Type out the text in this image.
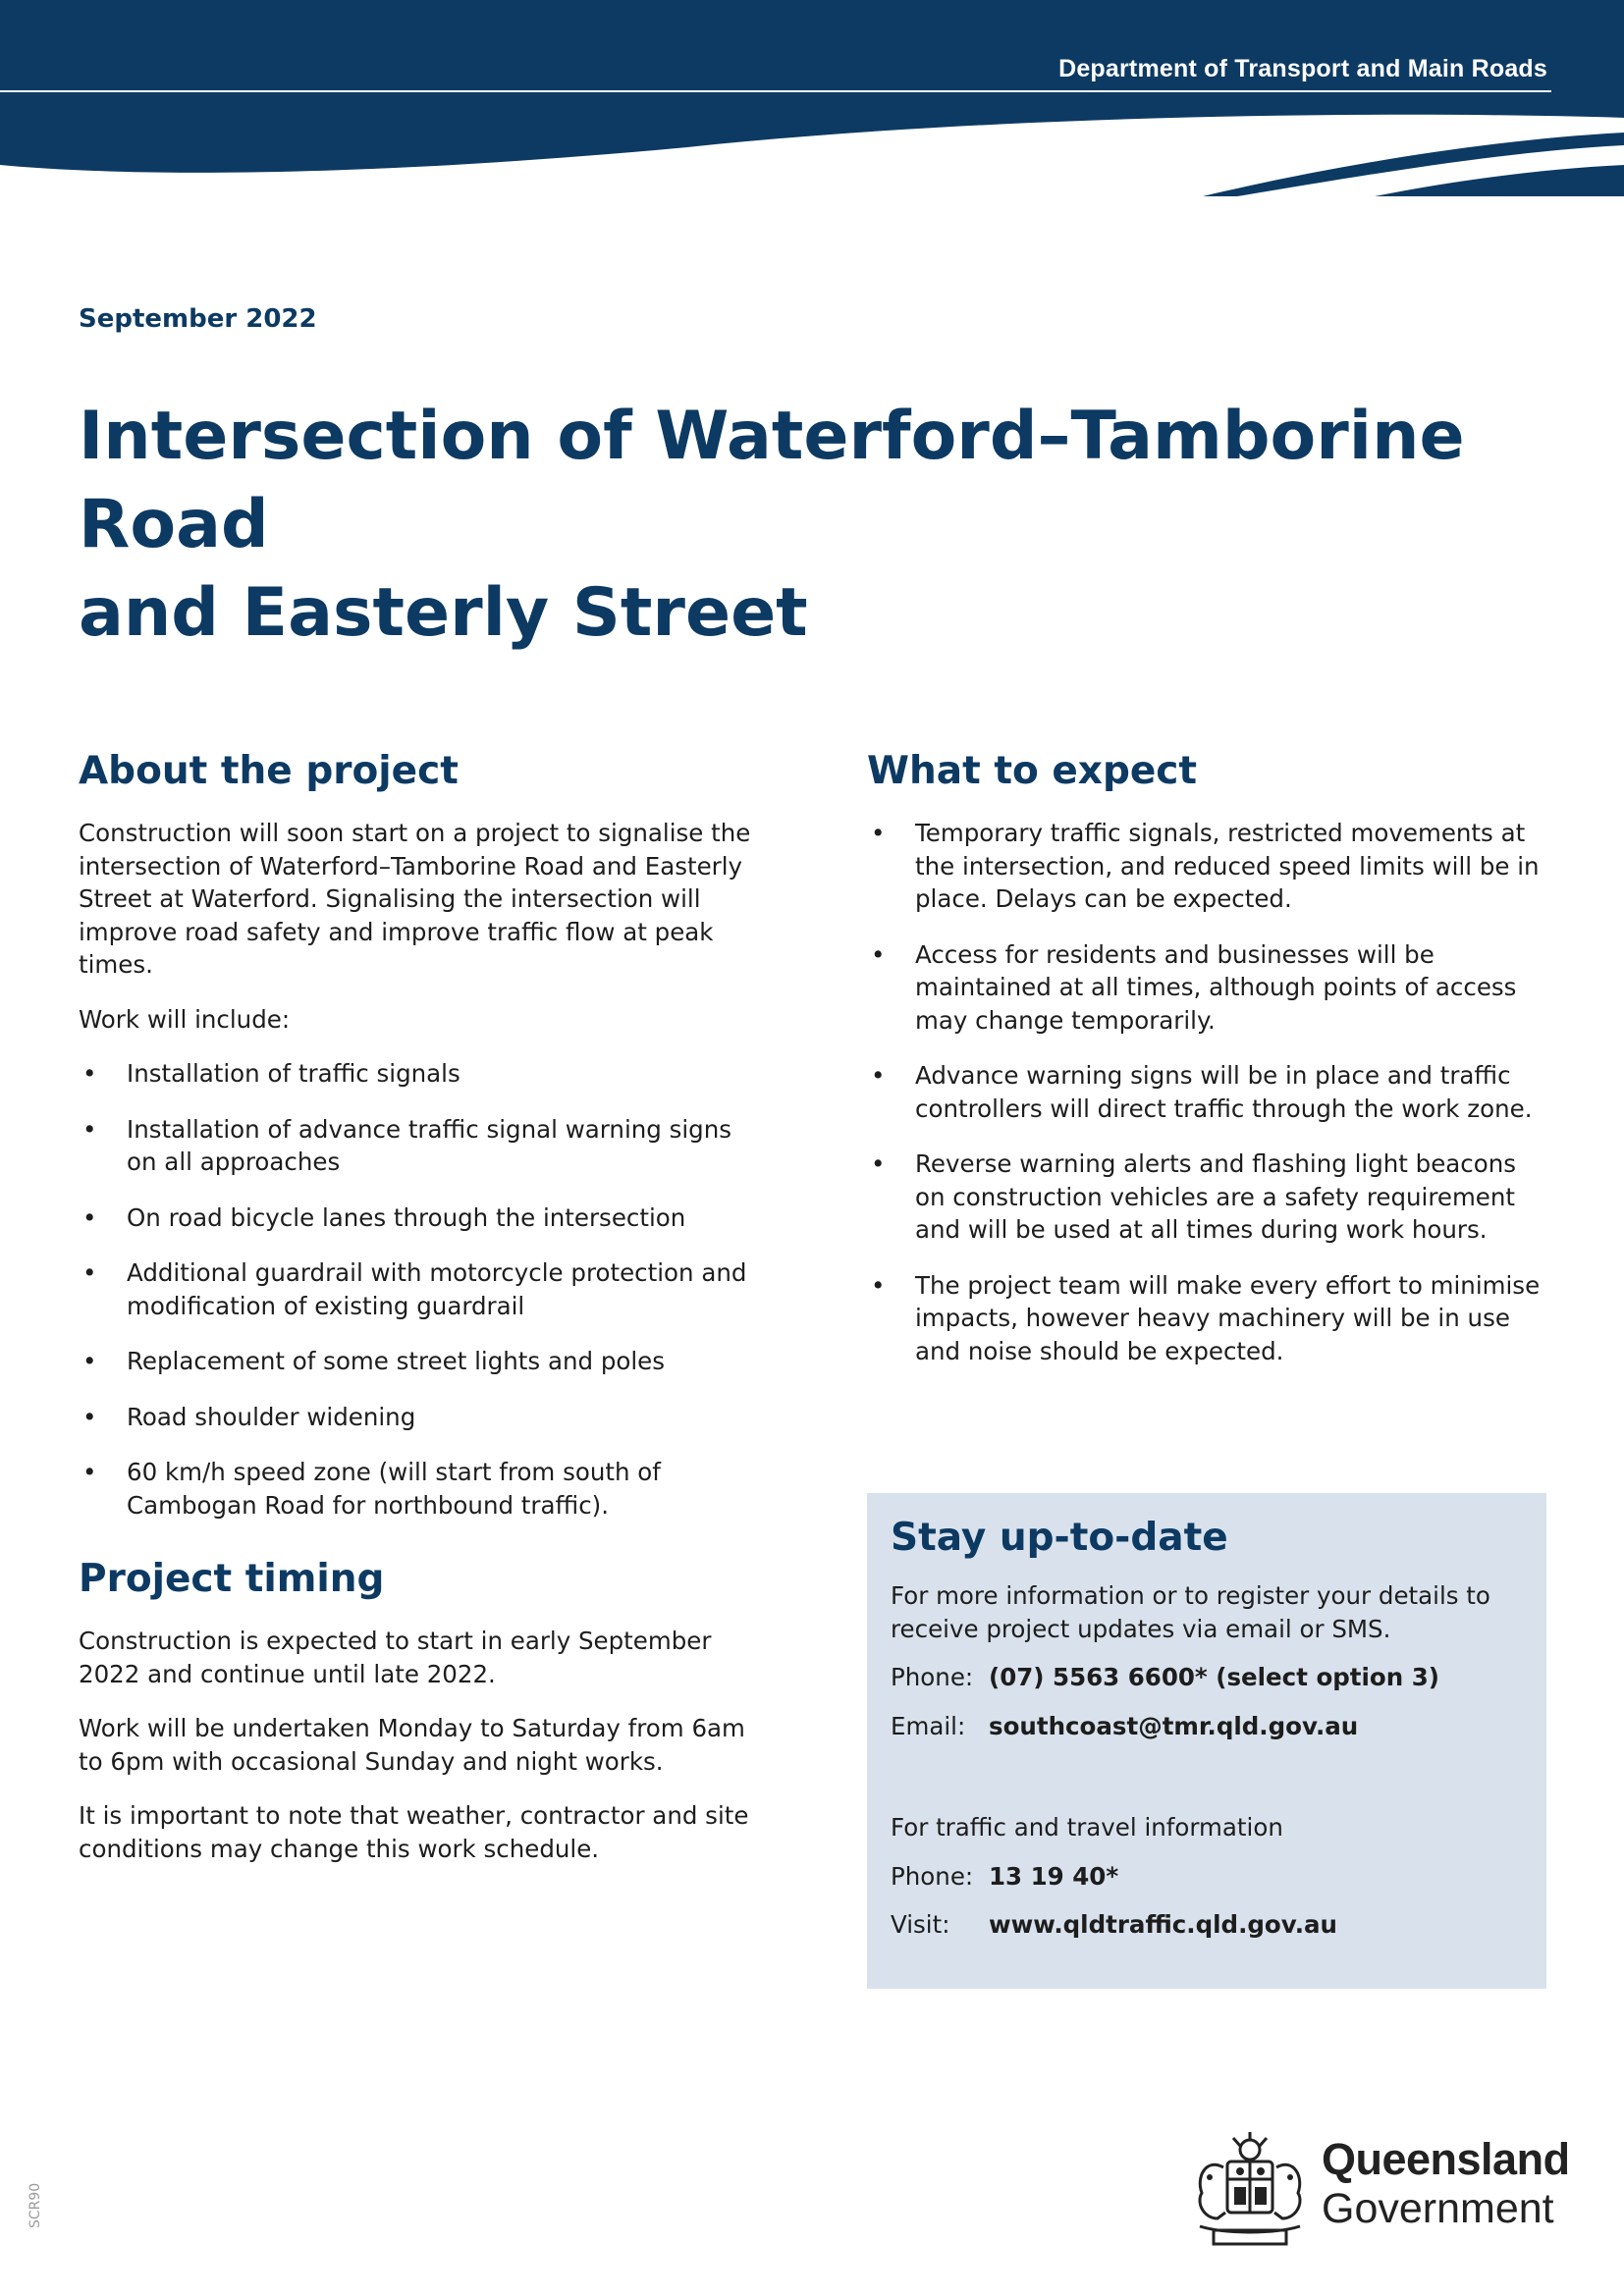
Department of Transport and Main Roads
September 2022
Intersection of Waterford–Tamborine Road
and Easterly Street
About the project

Construction will soon start on a project to signalise the intersection of Waterford–Tamborine Road and Easterly Street at Waterford. Signalising the intersection will improve road safety and improve traffic flow at peak times.

Work will include:

• Installation of traffic signals
• Installation of advance traffic signal warning signs on all approaches
• On road bicycle lanes through the intersection
• Additional guardrail with motorcycle protection and modification of existing guardrail
• Replacement of some street lights and poles
• Road shoulder widening
• 60 km/h speed zone (will start from south of Cambogan Road for northbound traffic).
Project timing

Construction is expected to start in early September 2022 and continue until late 2022.

Work will be undertaken Monday to Saturday from 6am to 6pm with occasional Sunday and night works.

It is important to note that weather, contractor and site conditions may change this work schedule.

What to expect
• Temporary traffic signals, restricted movements at the intersection, and reduced speed limits will be in place. Delays can be expected.
• Access for residents and businesses will be maintained at all times, although points of access may change temporarily.
• Advance warning signs will be in place and traffic controllers will direct traffic through the work zone.
• Reverse warning alerts and flashing light beacons on construction vehicles are a safety requirement and will be used at all times during work hours.
• The project team will make every effort to minimise impacts, however heavy machinery will be in use and noise should be expected.
Stay up-to-date

For more information or to register your details to receive project updates via email or SMS.

Phone: (07) 5563 6600* (select option 3)
Email: southcoast@tmr.qld.gov.au

For traffic and travel information

Phone: 13 19 40*
Visit:	www.qldtraffic.qld.gov.au
Queensland
Government
SCR90
